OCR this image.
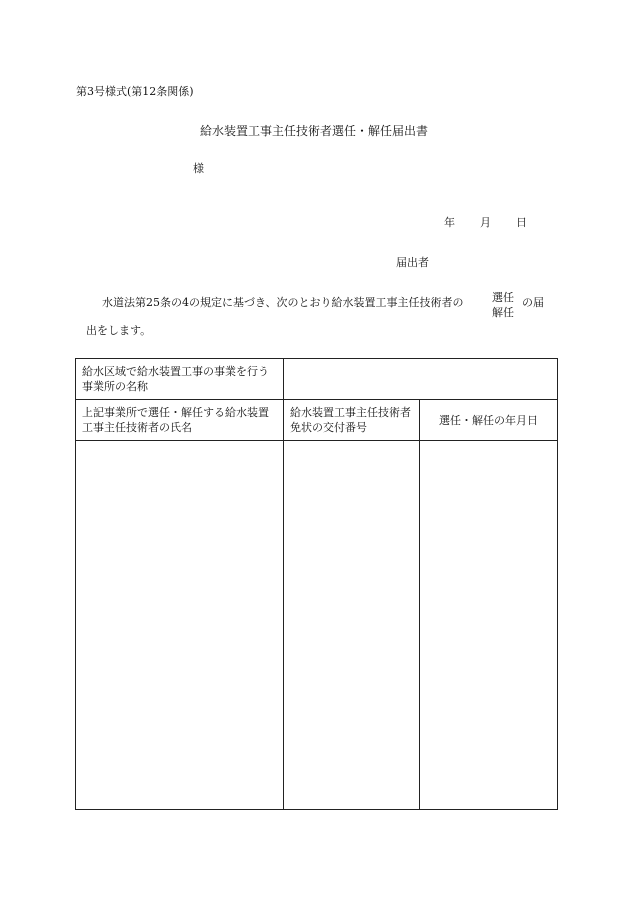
第3号様式(第12条関係)
給水装置工事主任技術者選任・解任届出書
様
年 月 日
届出者
水道法第25条の4の規定に基づき、次のとおり給水装置工事主任技術者の	選任
解任
の届
出をします。
給水区域で給水装置工事の事業を行う事業所の名称		
上記事業所で選任・解任する給水装置工事主任技術者の氏名	給水装置工事主任技術者免状の交付番号	選任・解任の年月日
